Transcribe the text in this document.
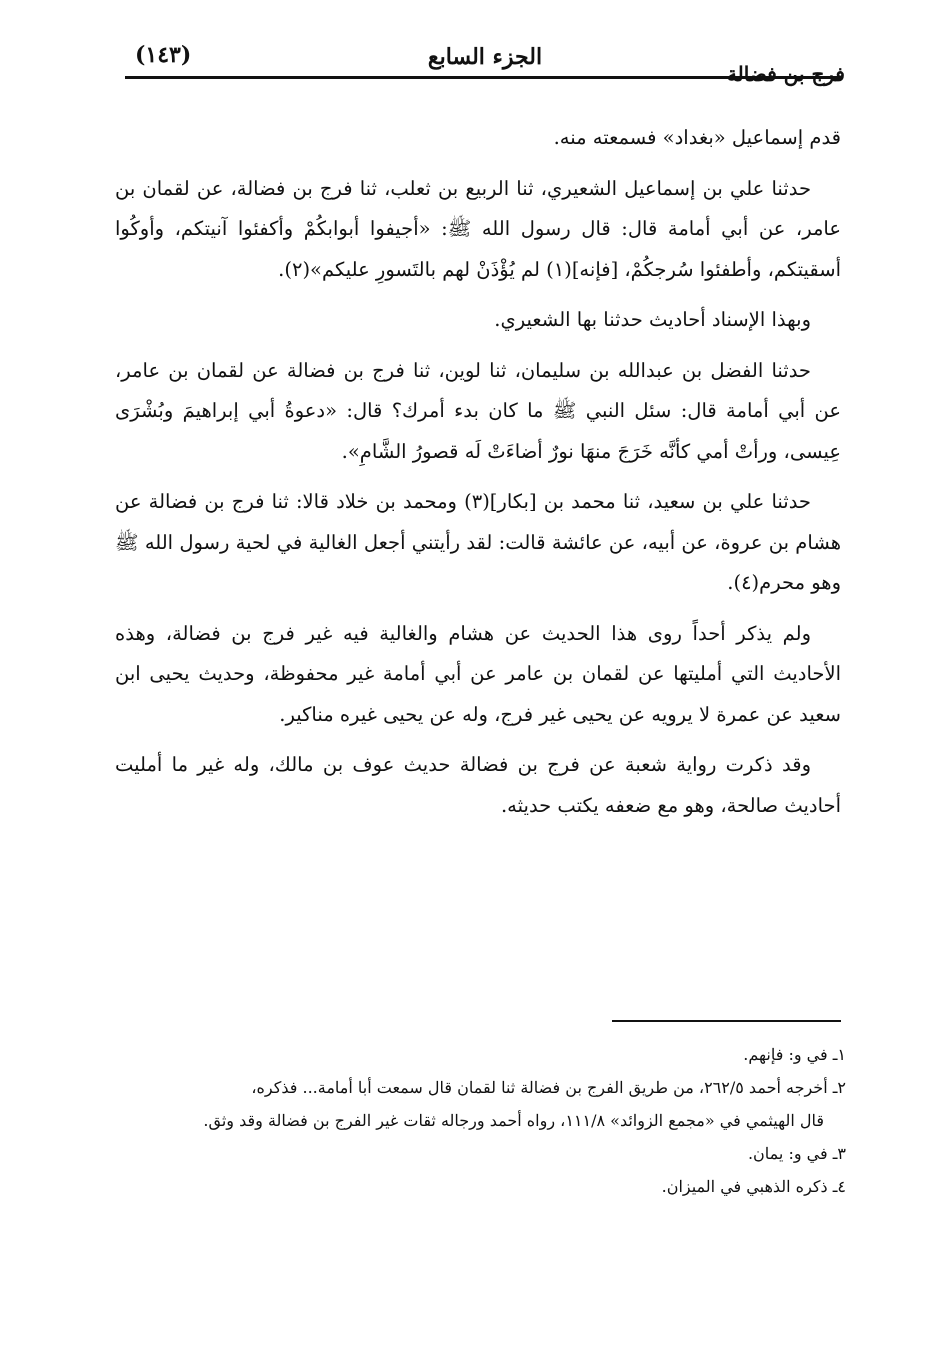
فرج بن فضالة
الجزء السابع
(١٤٣)

قدم إسماعيل «بغداد» فسمعته منه.

حدثنا علي بن إسماعيل الشعيري، ثنا الربيع بن ثعلب، ثنا فرج بن فضالة، عن لقمان بن عامر، عن أبي أمامة قال: قال رسول الله ﷺ: «أجيفوا أبوابكُمْ وأكفئوا آنيتكم، وأوكُوا أسقيتكم، وأطفئوا سُرجكُمْ، [فإنه](١) لم يُؤْذَنْ لهم بالتَسورِ عليكم»(٢).

وبهذا الإسناد أحاديث حدثنا بها الشعيري.

حدثنا الفضل بن عبدالله بن سليمان، ثنا لوين، ثنا فرج بن فضالة عن لقمان بن عامر، عن أبي أمامة قال: سئل النبي ﷺ ما كان بدء أمرك؟ قال: «دعوةُ أبي إبراهيمَ وبُشْرَى عِيسى، ورأتْ أمي كأنَّه خَرَجَ منهَا نورٌ أضاءَتْ لَه قصورُ الشَّامِ».

حدثنا علي بن سعيد، ثنا محمد بن [بكار](٣) ومحمد بن خلاد قالا: ثنا فرج بن فضالة عن هشام بن عروة، عن أبيه، عن عائشة قالت: لقد رأيتني أجعل الغالية في لحية رسول الله ﷺ وهو محرم(٤).

ولم يذكر أحداً روى هذا الحديث عن هشام والغالية فيه غير فرج بن فضالة، وهذه الأحاديث التي أمليتها عن لقمان بن عامر عن أبي أمامة غير محفوظة، وحديث يحيى ابن سعيد عن عمرة لا يرويه عن يحيى غير فرج، وله عن يحيى غيره مناكير.

وقد ذكرت رواية شعبة عن فرج بن فضالة حديث عوف بن مالك، وله غير ما أمليت أحاديث صالحة، وهو مع ضعفه يكتب حديثه.

١ـ في و: فإنهم.

٢ـ أخرجه أحمد ٢٦٢/٥، من طريق الفرج بن فضالة ثنا لقمان قال سمعت أبا أمامة... فذكره،

قال الهيثمي في «مجمع الزوائد» ١١١/٨، رواه أحمد ورجاله ثقات غير الفرج بن فضالة وقد وثق.

٣ـ في و: يمان.

٤ـ ذكره الذهبي في الميزان.
